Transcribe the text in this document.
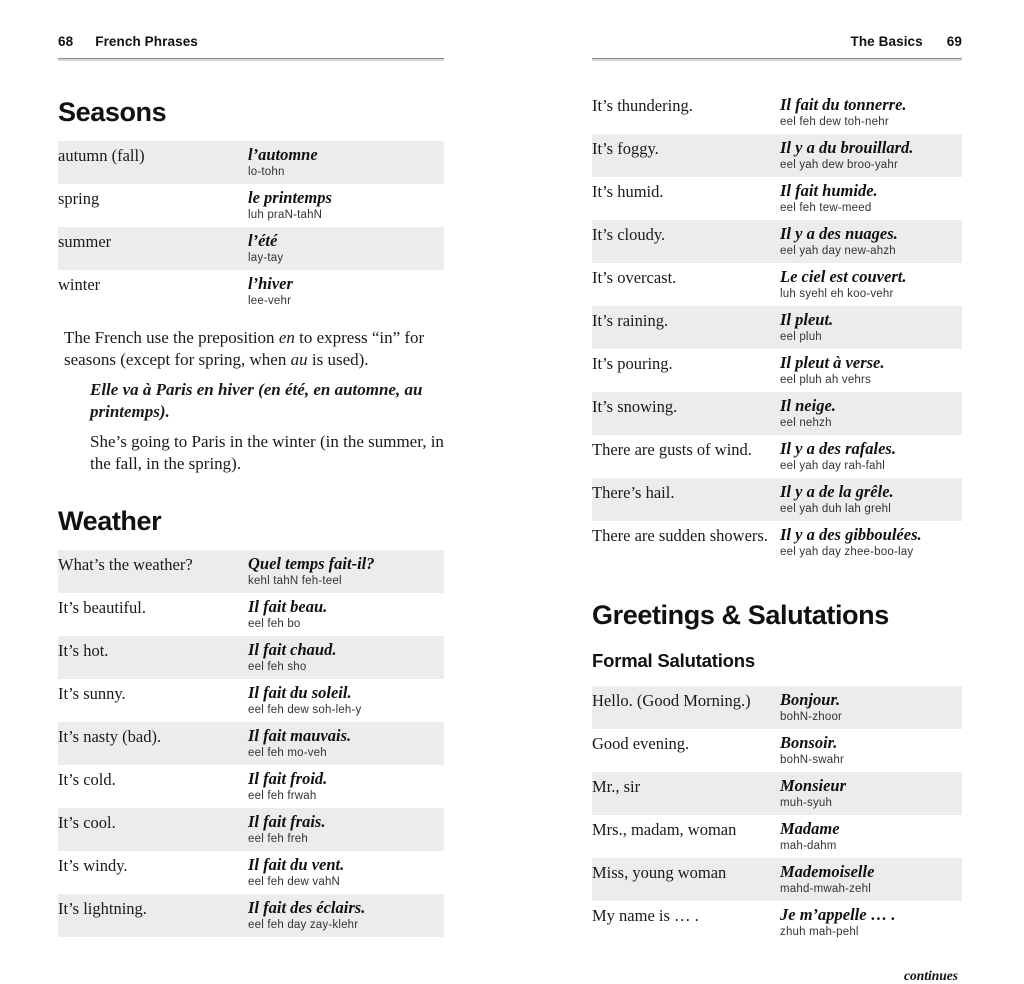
68 French Phrases
Seasons
autumn (fall)	l’automne
lo-tohn

spring	le printemps
luh praN-tahN

summer	l’été
lay-tay

winter	l’hiver
lee-vehr

The French use the preposition en to express “in” for seasons (except for spring, when au is used).

Elle va à Paris en hiver (en été, en automne, au printemps).

She’s going to Paris in the winter (in the summer, in the fall, in the spring).

Weather
What’s the weather?	Quel temps fait-il?
kehl tahN feh-teel

It’s beautiful.	Il fait beau.
eel feh bo

It’s hot.	Il fait chaud.
eel feh sho

It’s sunny.	Il fait du soleil.
eel feh dew soh-leh-y

It’s nasty (bad).	Il fait mauvais.
eel feh mo-veh

It’s cold.	Il fait froid.
eel feh frwah

It’s cool.	Il fait frais.
eel feh freh

It’s windy.	Il fait du vent.
eel feh dew vahN

It’s lightning.	Il fait des éclairs.
eel feh day zay-klehr
The Basics 69
It’s thundering.	Il fait du tonnerre.
eel feh dew toh-nehr

It’s foggy.	Il y a du brouillard.
eel yah dew broo-yahr

It’s humid.	Il fait humide.
eel feh tew-meed

It’s cloudy.	Il y a des nuages.
eel yah day new-ahzh

It’s overcast.	Le ciel est couvert.
luh syehl eh koo-vehr

It’s raining.	Il pleut.
eel pluh

It’s pouring.	Il pleut à verse.
eel pluh ah vehrs

It’s snowing.	Il neige.
eel nehzh

There are gusts of wind.	Il y a des rafales.
eel yah day rah-fahl

There’s hail.	Il y a de la grêle.
eel yah duh lah grehl

There are sudden showers.	Il y a des gibboulées.
eel yah day zhee-boo-lay
Greetings & Salutations
Formal Salutations
Hello. (Good Morning.)	Bonjour.
bohN-zhoor

Good evening.	Bonsoir.
bohN-swahr

Mr., sir	Monsieur
muh-syuh

Mrs., madam, woman	Madame
mah-dahm

Miss, young woman	Mademoiselle
mahd-mwah-zehl

My name is … .	Je m’appelle … .
zhuh mah-pehl
continues
